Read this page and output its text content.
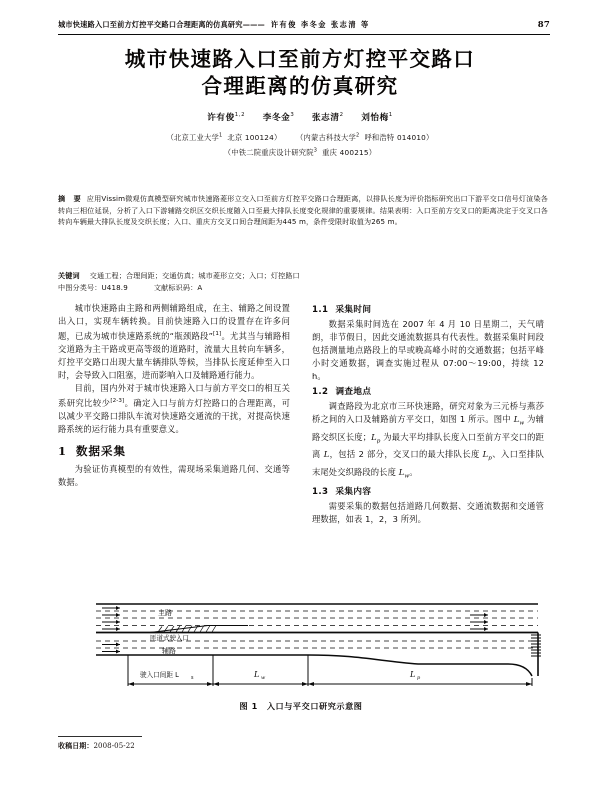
城市快速路入口至前方灯控平交路口合理距离的仿真研究——— 许有俊 李冬金 张志清 等	87
城市快速路入口至前方灯控平交路口
合理距离的仿真研究
许有俊$^{1,2}$ 李冬金$^3$ 张志清$^2$ 刘怡梅$^1$
（北京工业大学$^1$ 北京 100124） （内蒙古科技大学$^2$ 呼和浩特 014010）
（中铁二院重庆设计研究院$^3$ 重庆 400215）
摘 要 应用Vissim微观仿真模型研究城市快速路菱形立交入口至前方灯控平交路口合理距离，以排队长度为评价指标研究出口下游平交口信号灯渲染各转向三相位延误，分析了入口下游辅路交织区交织长度随入口至最大排队长度变化规律的重要规律。结果表明：入口至前方交叉口的距离决定于交叉口各转向车辆最大排队长度及交织长度；入口、重庆方交叉口间合理间距为445 m，条件受限时取值为265 m。
关键词 交通工程；合理间距；交通仿真；城市菱形立交；入口；灯控路口
中图分类号：U418.9	文献标识码：A

城市快速路由主路和两侧辅路组成，在主、辅路之间设置出入口，实现车辆转换。目前快速路入口的设置存在许多问题，已成为城市快速路系统的“瓶颈路段”[1]。尤其当与辅路相交道路为主干路或更高等级的道路时，流量大且转向车辆多，灯控平交路口出现大量车辆排队等候，当排队长度延伸至入口时，会导致入口阻塞，进而影响入口及辅路通行能力。

目前，国内外对于城市快速路入口与前方平交口的相互关系研究比较少[2-3]。确定入口与前方灯控路口的合理距离，可以减少平交路口排队车流对快速路交通流的干扰，对提高快速路系统的运行能力具有重要意义。

1 数据采集

为验证仿真模型的有效性，需现场采集道路几何、交通等数据。

1.1 采集时间

数据采集时间选在 2007 年 4 月 10 日星期二，天气晴朗，非节假日，因此交通流数据具有代表性。数据采集时间段包括测量地点路段上的早或晚高峰小时的交通数据；包括平峰小时交通数据，调查实施过程从 07:00～19:00，持续 12 h。

1.2 调查地点

调查路段为北京市三环快速路，研究对象为三元桥与燕莎桥之间的入口及辅路前方平交口，如图 1 所示。图中 $L_w$ 为辅路交织区长度；$L_p$ 为最大平均排队长度入口至前方平交口的距离 L，包括 2 部分，交叉口的最大排队长度 $L_p$、入口至排队末尾处交织路段的长度 $L_w$。

1.3 采集内容

需要采集的数据包括道路几何数据、交通流数据和交通管理数据，如表 1，2，3 所列。

主路
匝道式驶入口
辅路
驶入口间距 L	s	L w	L p
图 1 入口与平交口研究示意图
收稿日期：2008-05-22
